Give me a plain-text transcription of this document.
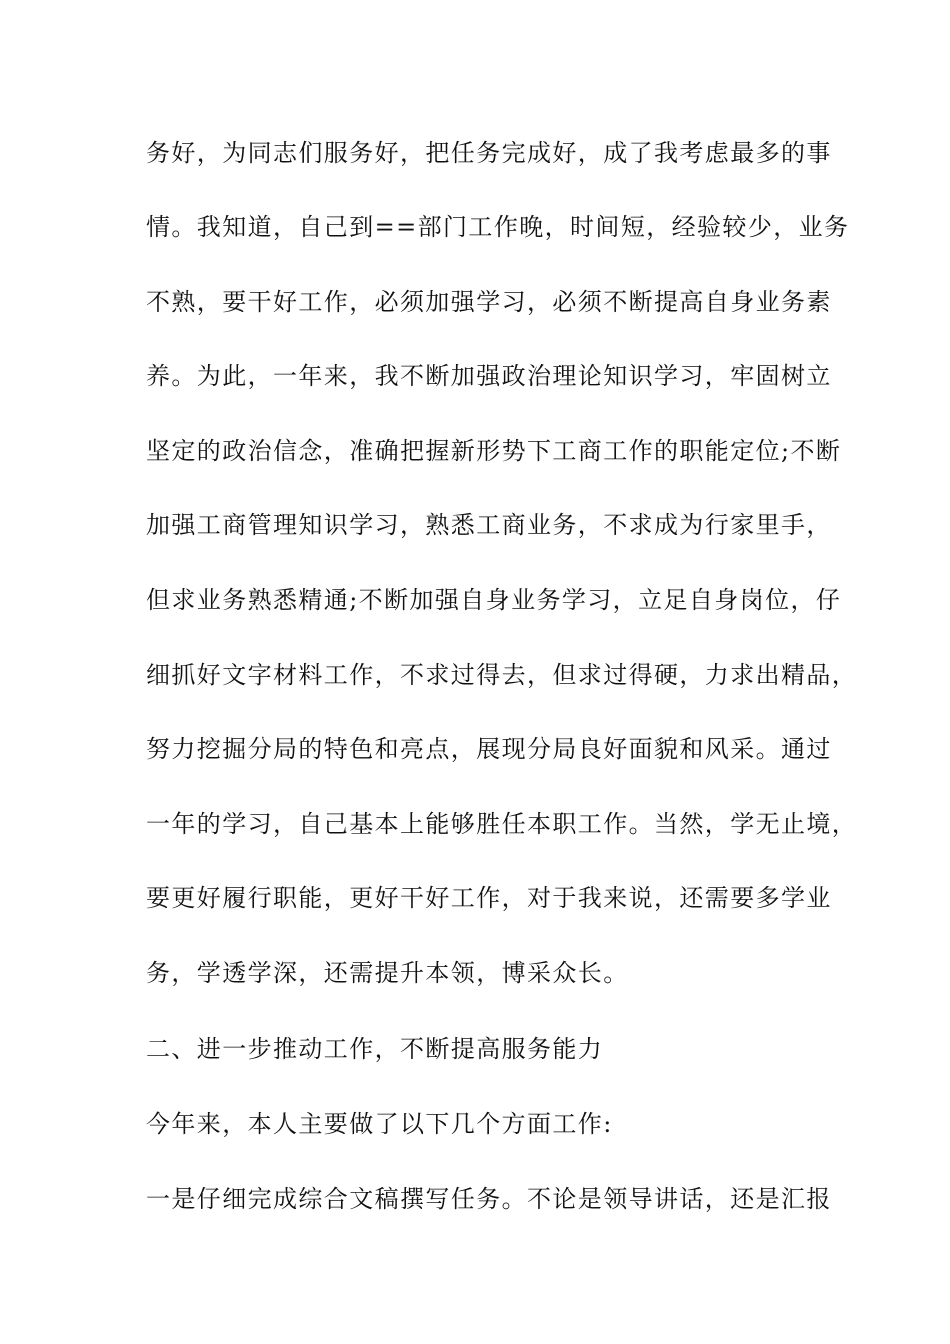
务好，为同志们服务好，把任务完成好，成了我考虑最多的事
情。我知道，自己到==部门工作晚，时间短，经验较少，业务
不熟，要干好工作，必须加强学习，必须不断提高自身业务素
养。为此，一年来，我不断加强政治理论知识学习，牢固树立
坚定的政治信念，准确把握新形势下工商工作的职能定位;不断
加强工商管理知识学习，熟悉工商业务，不求成为行家里手，
但求业务熟悉精通;不断加强自身业务学习，立足自身岗位，仔
细抓好文字材料工作，不求过得去，但求过得硬，力求出精品，
努力挖掘分局的特色和亮点，展现分局良好面貌和风采。通过
一年的学习，自己基本上能够胜任本职工作。当然，学无止境，
要更好履行职能，更好干好工作，对于我来说，还需要多学业
务，学透学深，还需提升本领，博采众长。
二、进一步推动工作，不断提高服务能力
今年来，本人主要做了以下几个方面工作:
一是仔细完成综合文稿撰写任务。不论是领导讲话，还是汇报
